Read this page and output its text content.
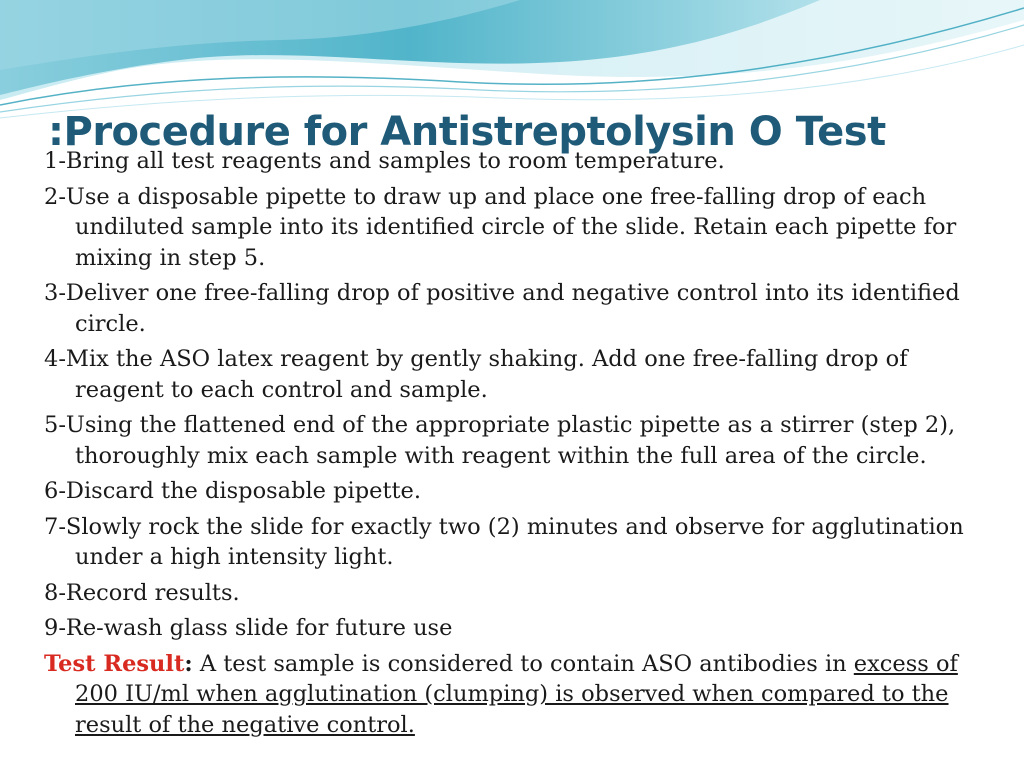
:Procedure for Antistreptolysin O Test

1-Bring all test reagents and samples to room temperature.

2-Use a disposable pipette to draw up and place one free-falling drop of each undiluted sample into its identified circle of the slide. Retain each pipette for mixing in step 5.

3-Deliver one free-falling drop of positive and negative control into its identified circle.

4-Mix the ASO latex reagent by gently shaking. Add one free-falling drop of reagent to each control and sample.

5-Using the flattened end of the appropriate plastic pipette as a stirrer (step 2), thoroughly mix each sample with reagent within the full area of the circle.

6-Discard the disposable pipette.

7-Slowly rock the slide for exactly two (2) minutes and observe for agglutination under a high intensity light.

8-Record results.

9-Re-wash glass slide for future use

Test Result: A test sample is considered to contain ASO antibodies in excess of 200 IU/ml when agglutination (clumping) is observed when compared to the result of the negative control.
